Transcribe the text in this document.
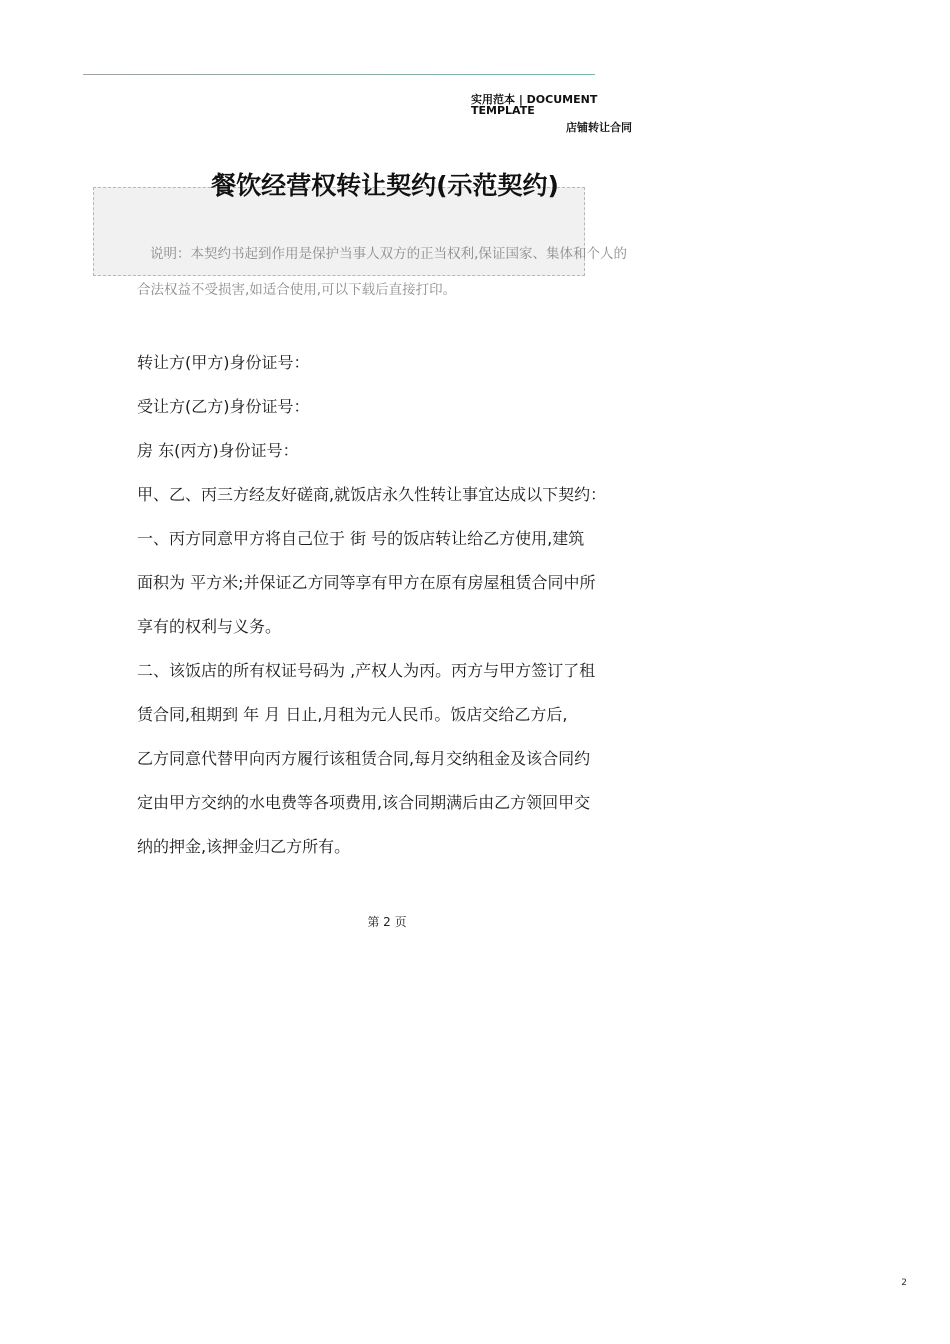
实用范本 | DOCUMENT TEMPLATE
店铺转让合同
餐饮经营权转让契约(示范契约)
说明：本契约书起到作用是保护当事人双方的正当权利,保证国家、集体和个人的合法权益不受损害,如适合使用,可以下载后直接打印。
转让方(甲方)身份证号：
受让方(乙方)身份证号：
房 东(丙方)身份证号：
甲、乙、丙三方经友好磋商,就饭店永久性转让事宜达成以下契约：
一、丙方同意甲方将自己位于 街 号的饭店转让给乙方使用,建筑
面积为 平方米;并保证乙方同等享有甲方在原有房屋租赁合同中所
享有的权利与义务。
二、该饭店的所有权证号码为 ,产权人为丙。丙方与甲方签订了租
赁合同,租期到 年 月 日止,月租为元人民币。饭店交给乙方后,
乙方同意代替甲向丙方履行该租赁合同,每月交纳租金及该合同约
定由甲方交纳的水电费等各项费用,该合同期满后由乙方领回甲交
纳的押金,该押金归乙方所有。
第 2 页
2
